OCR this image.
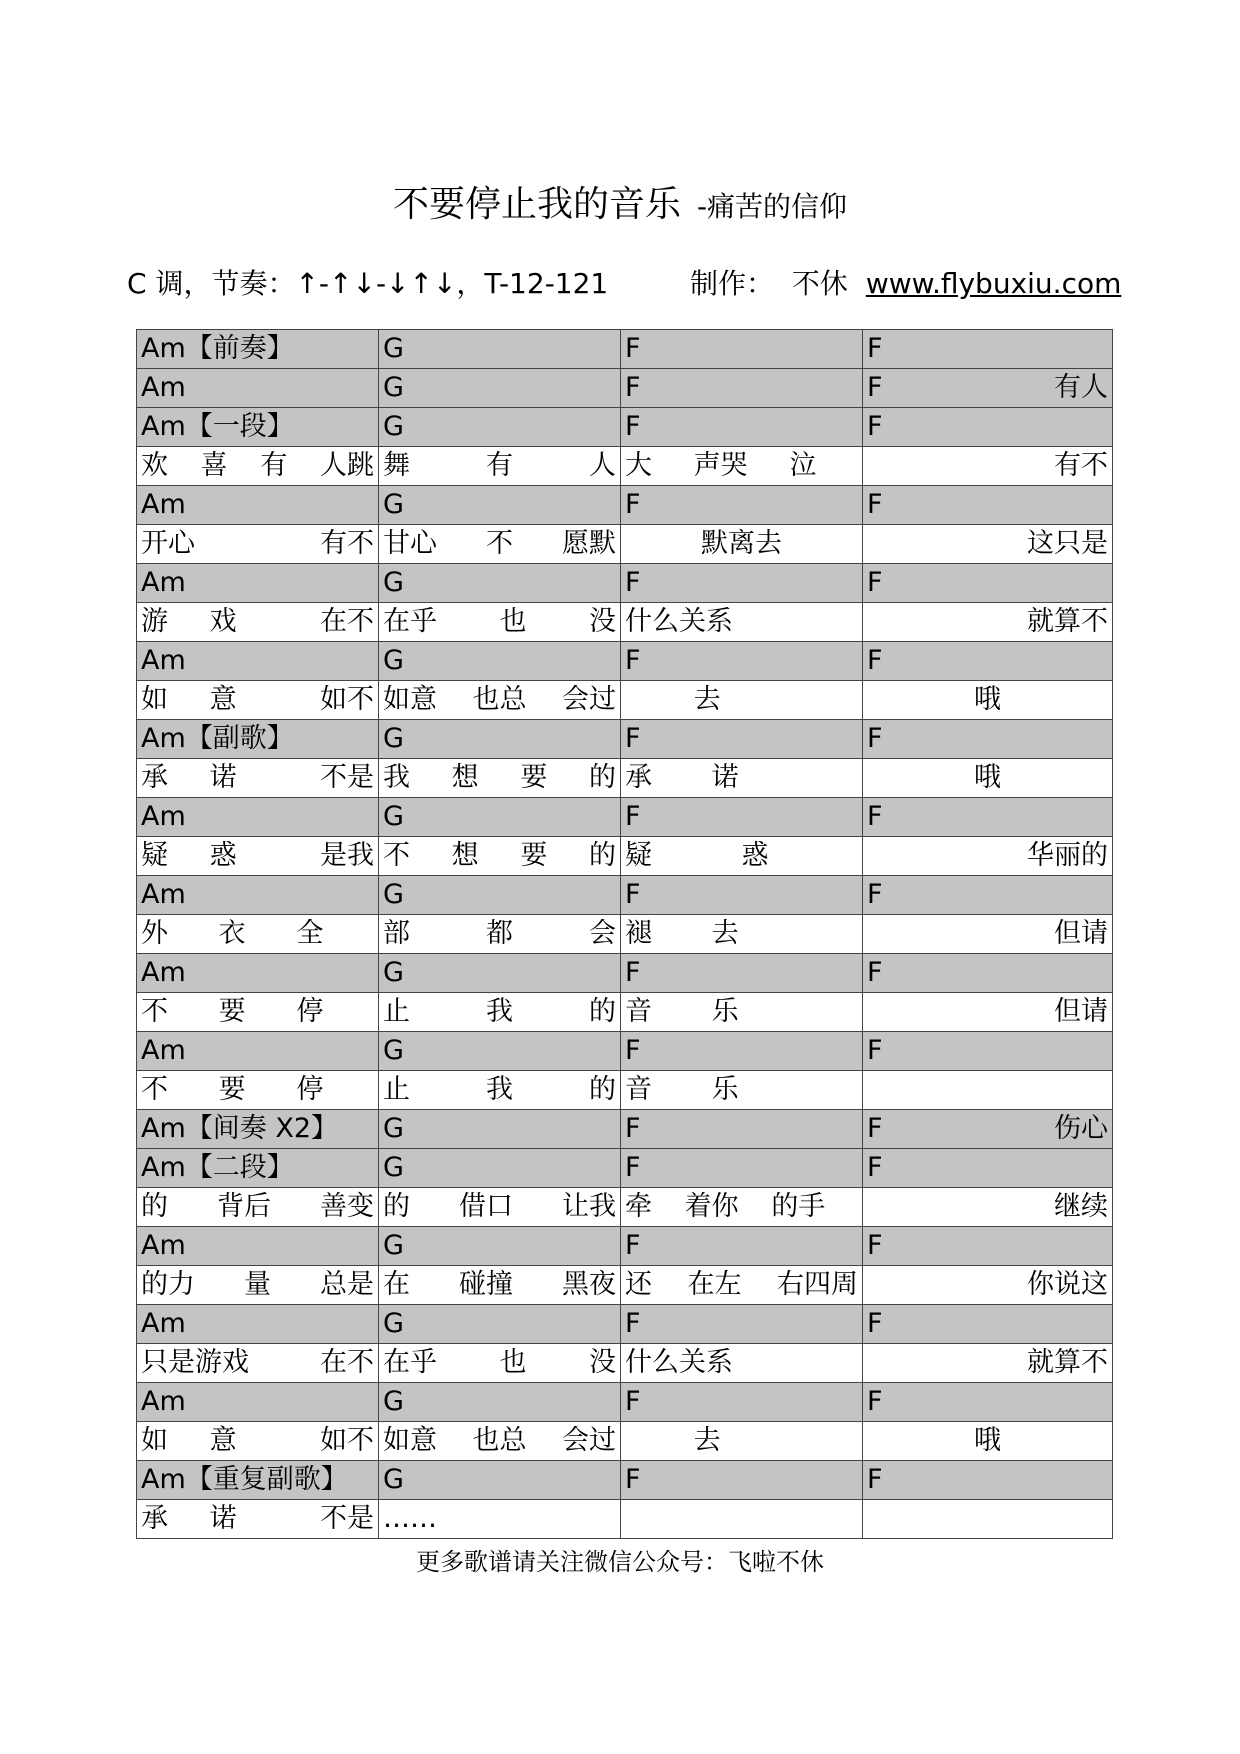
不要停止我的音乐 -痛苦的信仰
C 调，节奏：↑-↑↓-↓↑↓，T-12-121	制作：  不休 www.flybuxiu.com
Am【前奏】	G	F	F

Am	G	F	F 有人

Am【一段】	G	F	F

欢 喜 有 人跳	舞 有 人	大 声哭 泣	有不

Am	G	F	F

开心 有不	甘心 不 愿默	默离去	这只是

Am	G	F	F

游 戏 在不	在乎 也 没	什么关系	就算不

Am	G	F	F

如 意 如不	如意 也总 会过	去	哦

Am【副歌】	G	F	F

承 诺 不是	我 想 要 的	承 诺	哦

Am	G	F	F

疑 惑 是我	不 想 要 的	疑 惑	华丽的

Am	G	F	F

外 衣 全	部 都 会	褪 去	但请

Am	G	F	F

不 要 停	止 我 的	音 乐	但请

Am	G	F	F

不 要 停	止 我 的	音 乐	

Am【间奏 X2】	G	F	F 伤心

Am【二段】	G	F	F

的 背后 善变	的 借口 让我	牵 着你 的手	继续

Am	G	F	F

的力 量 总是	在 碰撞 黑夜	还 在左 右四周	你说这

Am	G	F	F

只是游戏 在不	在乎 也 没	什么关系	就算不

Am	G	F	F

如 意 如不	如意 也总 会过	去	哦

Am【重复副歌】	G	F	F

承 诺 不是	……		

更多歌谱请关注微信公众号：飞啦不休
